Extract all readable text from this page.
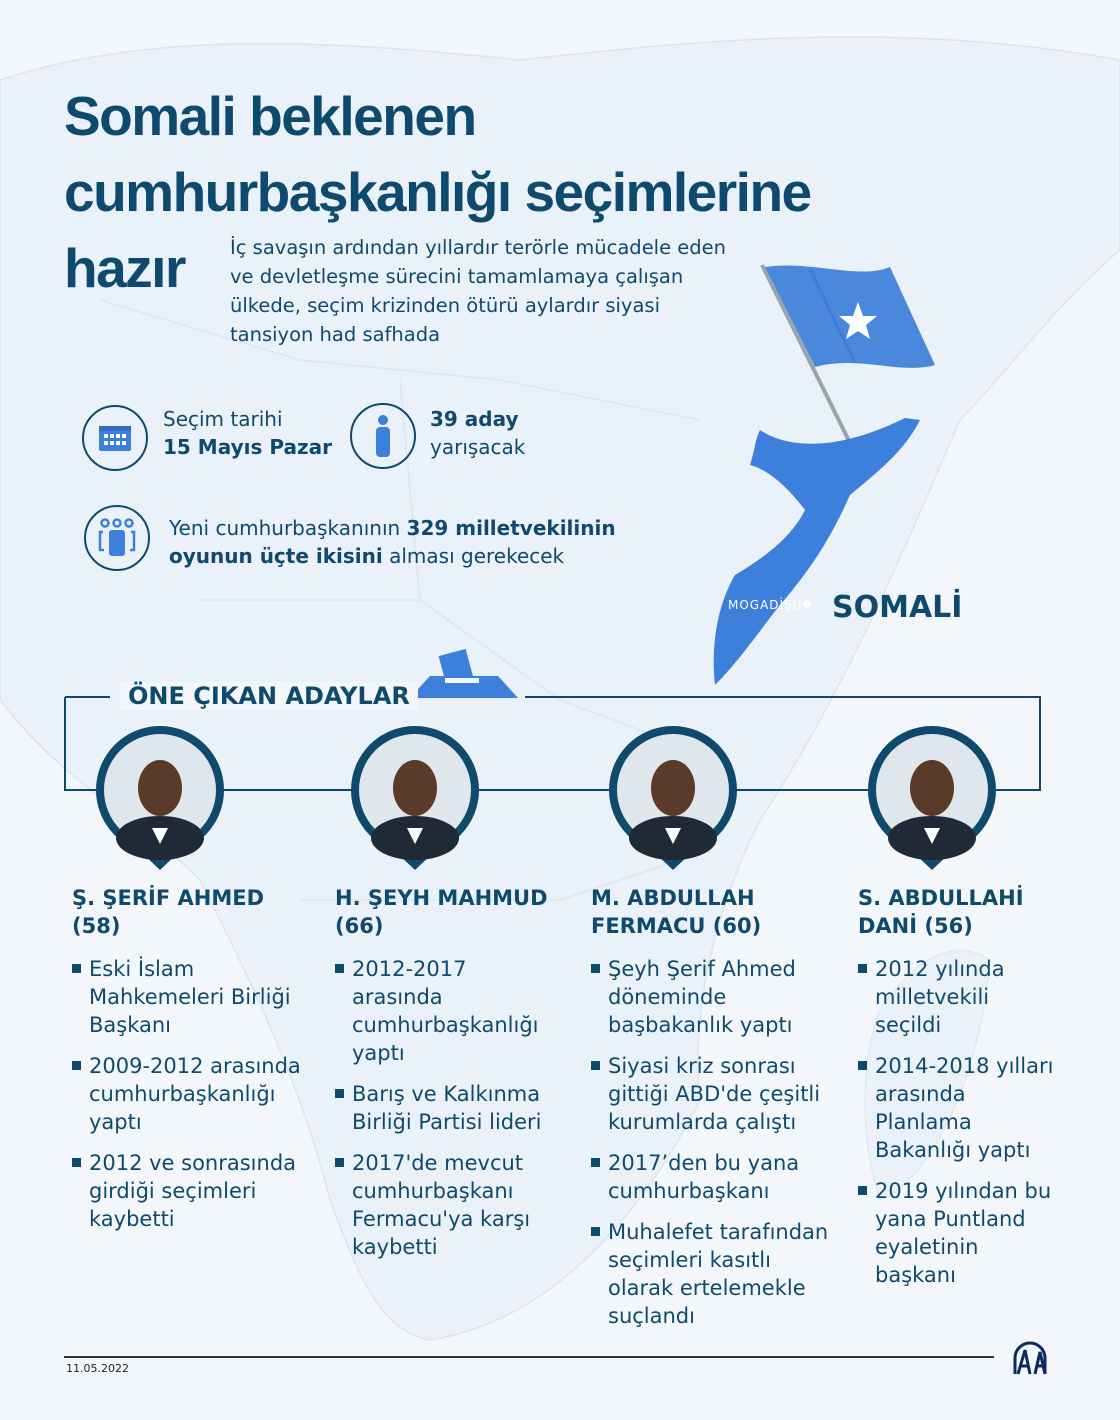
Somali beklenen
cumhurbaşkanlığı seçimlerine
hazır	İç savaşın ardından yıllardır terörle mücadele eden ve devletleşme sürecini tamamlamaya çalışan ülkede, seçim krizinden ötürü aylardır siyasi tansiyon had safhada
MOGADİŞU SOMALİ
Seçim tarihi
15 Mayıs Pazar
39 aday
yarışacak
Yeni cumhurbaşkanının 329 milletvekilinin
oyunun üçte ikisini alması gerekecek
ÖNE ÇIKAN ADAYLAR
Ş. ŞERİF AHMED
(58)
Eski İslam Mahkemeleri Birliği Başkanı
2009-2012 arasında cumhurbaşkanlığı yaptı
2012 ve sonrasında girdiği seçimleri kaybetti
H. ŞEYH MAHMUD
(66)
2012-2017 arasında cumhurbaşkanlığı yaptı
Barış ve Kalkınma Birliği Partisi lideri
2017'de mevcut cumhurbaşkanı Fermacu'ya karşı kaybetti
M. ABDULLAH
FERMACU (60)
Şeyh Şerif Ahmed döneminde başbakanlık yaptı
Siyasi kriz sonrası gittiği ABD'de çeşitli kurumlarda çalıştı
2017’den bu yana cumhurbaşkanı
Muhalefet tarafından seçimleri kasıtlı olarak ertelemekle suçlandı
S. ABDULLAHİ
DANİ (56)
2012 yılında milletvekili seçildi
2014-2018 yılları arasında Planlama Bakanlığı yaptı
2019 yılından bu yana Puntland eyaletinin başkanı
11.05.2022
